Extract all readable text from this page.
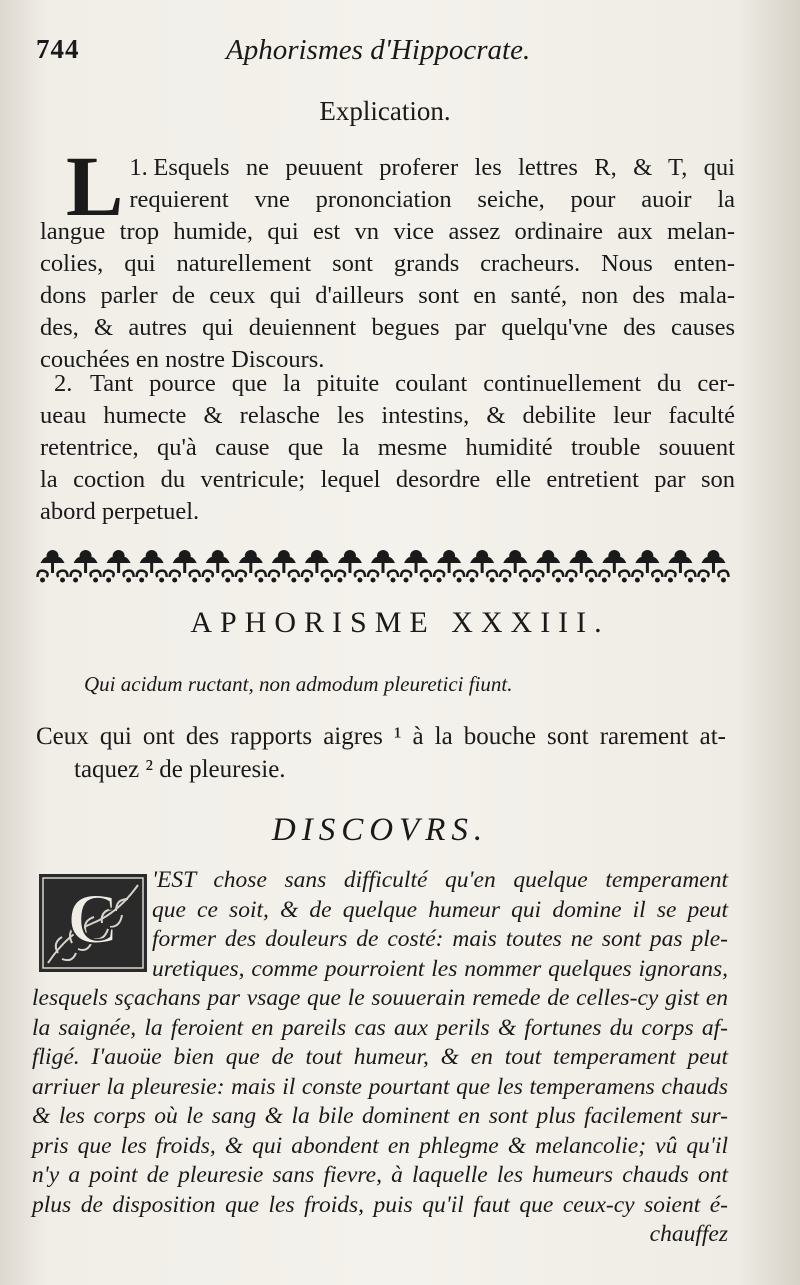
744	Aphorismes d'Hippocrate.
Explication.
1.
L Esquels ne peuuent proferer les lettres R, & T, qui
requierent vne prononciation seiche, pour auoir la
langue trop humide, qui est vn vice assez ordinaire aux melan-
colies, qui naturellement sont grands cracheurs. Nous enten-
dons parler de ceux qui d'ailleurs sont en santé, non des mala-
des, & autres qui deuiennent begues par quelqu'vne des causes
couchées en nostre Discours.
2. Tant pource que la pituite coulant continuellement du cer-
ueau humecte & relasche les intestins, & debilite leur faculté
retentrice, qu'à cause que la mesme humidité trouble souuent
la coction du ventricule; lequel desordre elle entretient par son
abord perpetuel.
APHORISME XXXIII.
Qui acidum ructant, non admodum pleuretici fiunt.
Ceux qui ont des rapports aigres ¹ à la bouche sont rarement at-
taquez ² de pleuresie.
DISCOVRS.
C	'EST chose sans difficulté qu'en quelque temperament
que ce soit, & de quelque humeur qui domine il se peut
former des douleurs de costé: mais toutes ne sont pas ple-
uretiques, comme pourroient les nommer quelques ignorans,
lesquels sçachans par vsage que le souuerain remede de celles-cy gist en
la saignée, la feroient en pareils cas aux perils & fortunes du corps af-
fligé. I'auoüe bien que de tout humeur, & en tout temperament peut
arriuer la pleuresie: mais il conste pourtant que les temperamens chauds
& les corps où le sang & la bile dominent en sont plus facilement sur-
pris que les froids, & qui abondent en phlegme & melancolie; vû qu'il
n'y a point de pleuresie sans fievre, à laquelle les humeurs chauds ont
plus de disposition que les froids, puis qu'il faut que ceux-cy soient é-
chauffez
